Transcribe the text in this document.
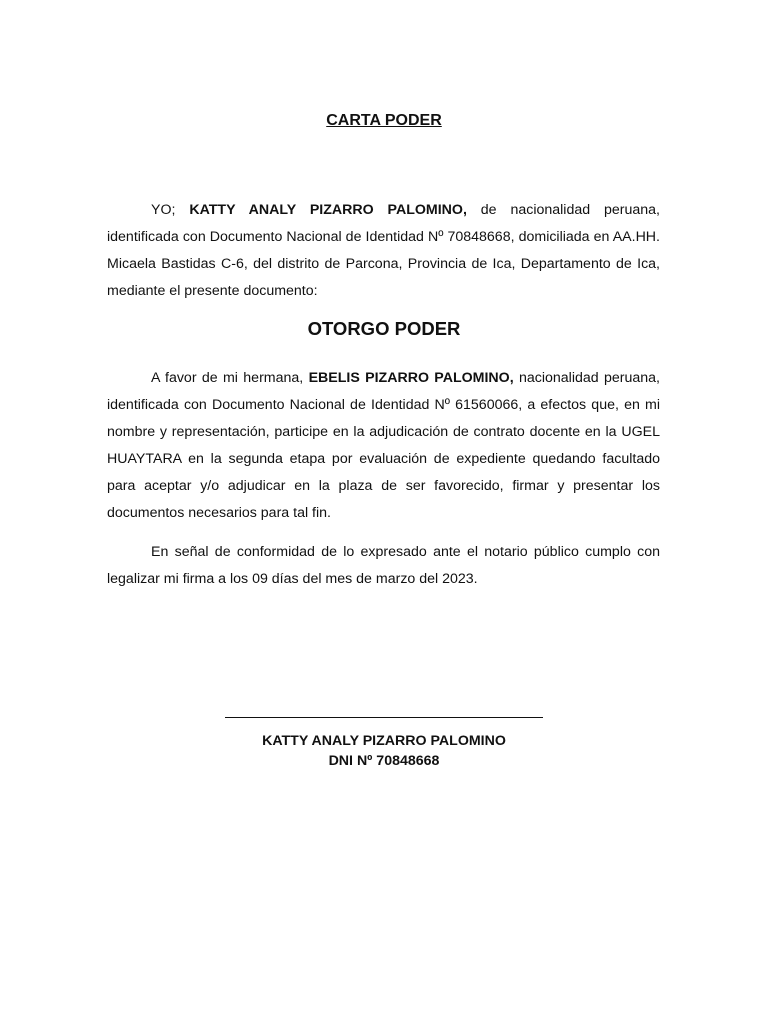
CARTA PODER

YO; KATTY ANALY PIZARRO PALOMINO, de nacionalidad peruana, identificada con Documento Nacional de Identidad Nº 70848668, domiciliada en AA.HH. Micaela Bastidas C-6, del distrito de Parcona, Provincia de Ica, Departamento de Ica, mediante el presente documento:

OTORGO PODER

A favor de mi hermana, EBELIS PIZARRO PALOMINO, nacionalidad peruana, identificada con Documento Nacional de Identidad Nº 61560066, a efectos que, en mi nombre y representación, participe en la adjudicación de contrato docente en la UGEL HUAYTARA en la segunda etapa por evaluación de expediente quedando facultado para aceptar y/o adjudicar en la plaza de ser favorecido, firmar y presentar los documentos necesarios para tal fin.

En señal de conformidad de lo expresado ante el notario público cumplo con legalizar mi firma a los 09 días del mes de marzo del 2023.

KATTY ANALY PIZARRO PALOMINO
DNI Nº 70848668
